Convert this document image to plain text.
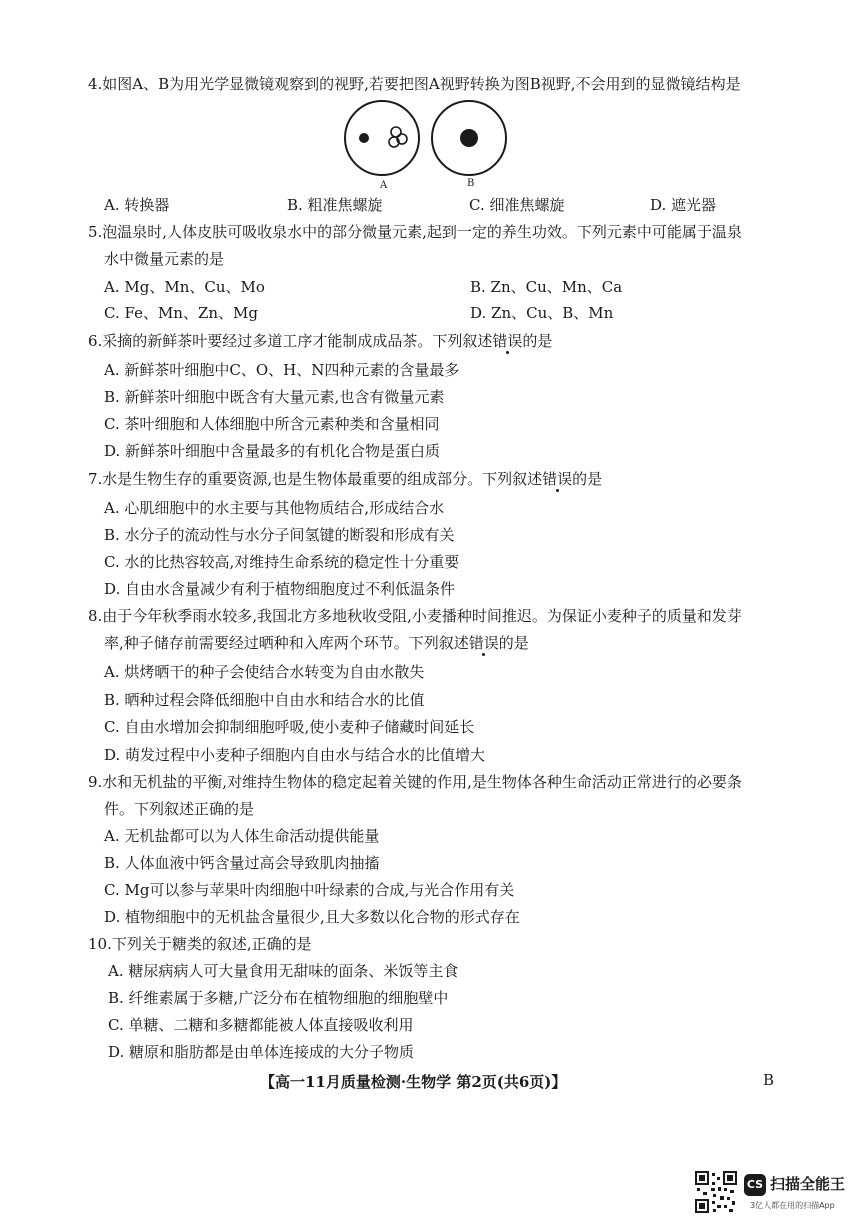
4.如图A、B为用光学显微镜观察到的视野,若要把图A视野转换为图B视野,不会用到的显微镜结构是
A	B
A. 转换器	B. 粗准焦螺旋	C. 细准焦螺旋	D. 遮光器
5.泡温泉时,人体皮肤可吸收泉水中的部分微量元素,起到一定的养生功效。下列元素中可能属于温泉
水中微量元素的是
A. Mg、Mn、Cu、Mo	B. Zn、Cu、Mn、Ca
C. Fe、Mn、Zn、Mg	D. Zn、Cu、B、Mn
6.采摘的新鲜茶叶要经过多道工序才能制成成品茶。下列叙述错误的是
A. 新鲜茶叶细胞中C、O、H、N四种元素的含量最多
B. 新鲜茶叶细胞中既含有大量元素,也含有微量元素
C. 茶叶细胞和人体细胞中所含元素种类和含量相同
D. 新鲜茶叶细胞中含量最多的有机化合物是蛋白质
7.水是生物生存的重要资源,也是生物体最重要的组成部分。下列叙述错误的是
A. 心肌细胞中的水主要与其他物质结合,形成结合水
B. 水分子的流动性与水分子间氢键的断裂和形成有关
C. 水的比热容较高,对维持生命系统的稳定性十分重要
D. 自由水含量减少有利于植物细胞度过不利低温条件
8.由于今年秋季雨水较多,我国北方多地秋收受阻,小麦播种时间推迟。为保证小麦种子的质量和发芽
率,种子储存前需要经过晒种和入库两个环节。下列叙述错误的是
A. 烘烤晒干的种子会使结合水转变为自由水散失
B. 晒种过程会降低细胞中自由水和结合水的比值
C. 自由水增加会抑制细胞呼吸,使小麦种子储藏时间延长
D. 萌发过程中小麦种子细胞内自由水与结合水的比值增大
9.水和无机盐的平衡,对维持生物体的稳定起着关键的作用,是生物体各种生命活动正常进行的必要条
件。下列叙述正确的是
A. 无机盐都可以为人体生命活动提供能量
B. 人体血液中钙含量过高会导致肌肉抽搐
C. Mg可以参与苹果叶肉细胞中叶绿素的合成,与光合作用有关
D. 植物细胞中的无机盐含量很少,且大多数以化合物的形式存在
10.下列关于糖类的叙述,正确的是
A. 糖尿病病人可大量食用无甜味的面条、米饭等主食
B. 纤维素属于多糖,广泛分布在植物细胞的细胞壁中
C. 单糖、二糖和多糖都能被人体直接吸收利用
D. 糖原和脂肪都是由单体连接成的大分子物质
【高一11月质量检测·生物学 第2页(共6页)】	B
CS 扫描全能王
3亿人都在用的扫描App
